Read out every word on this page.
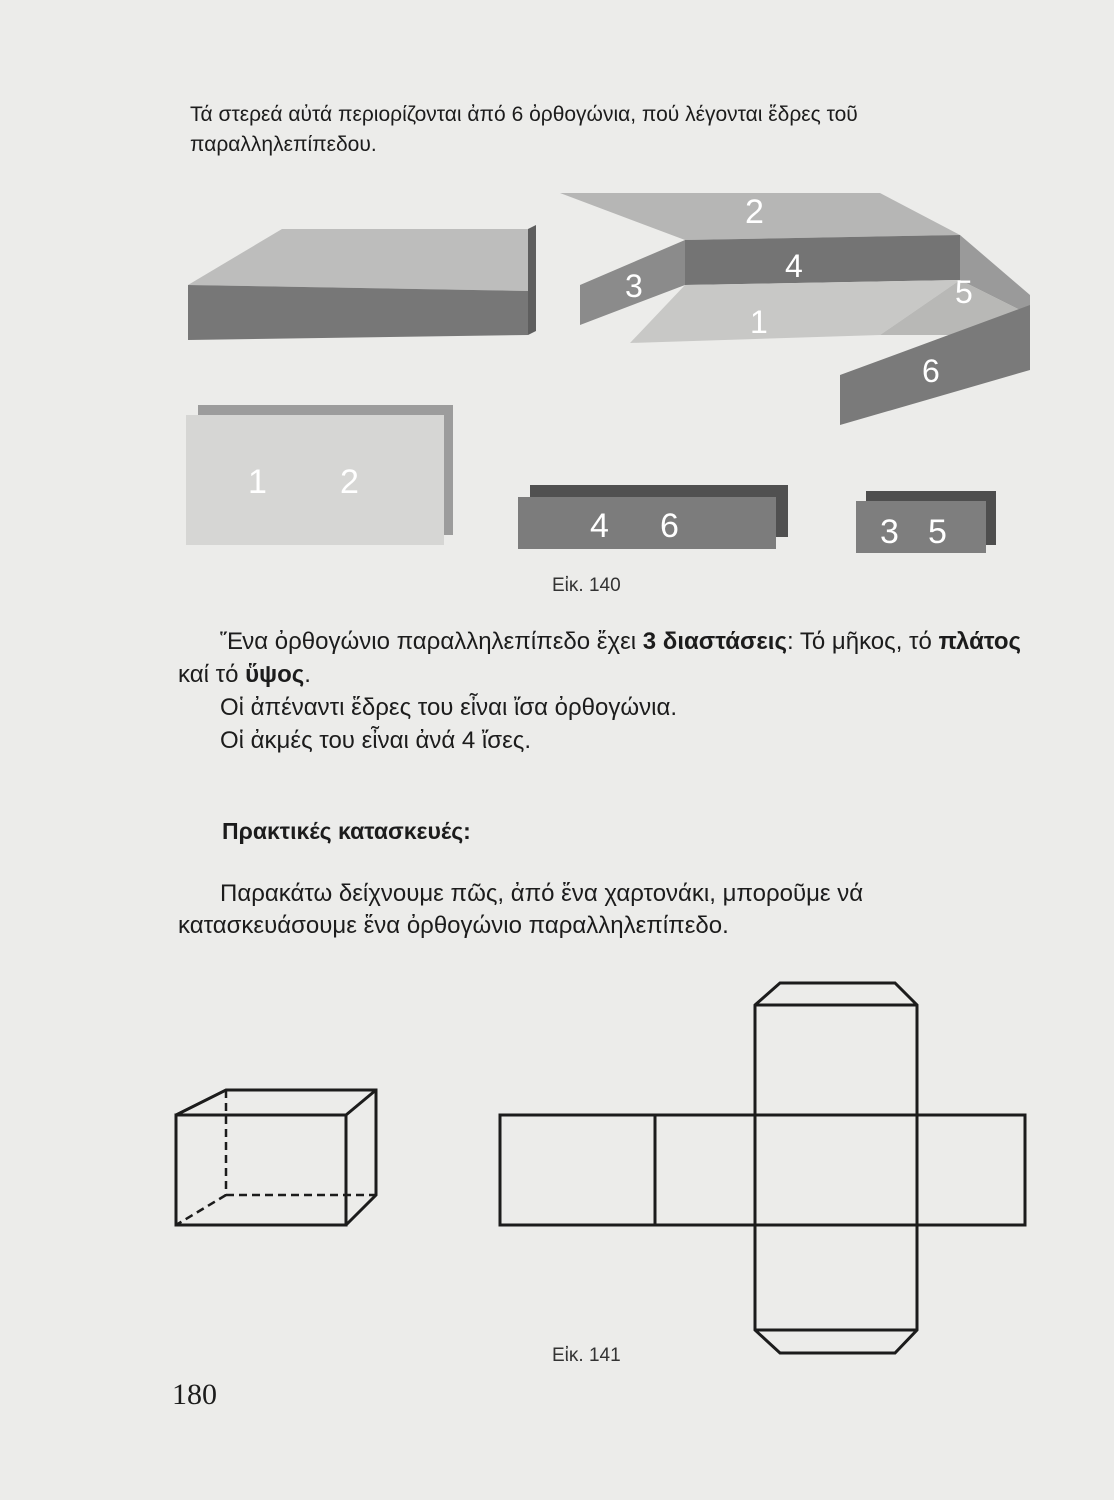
Τά στερεά αὐτά περιορίζονται ἀπό 6 ὀρθογώνια, πού λέγονται ἕδρες τοῦ παραλληλεπίπεδου.
2
4
3
1
5
6
1 2
4 6	3 5
Εἰκ. 140
Ἕνα ὀρθογώνιο παραλληλεπίπεδο ἔχει 3 διαστάσεις: Τό μῆκος, τό πλάτος καί τό ὕψος.
Οἱ ἀπέναντι ἕδρες του εἶναι ἴσα ὀρθογώνια.
Οἱ ἀκμές του εἶναι ἀνά 4 ἴσες.
Πρακτικές κατασκευές:
Παρακάτω δείχνουμε πῶς, ἀπό ἕνα χαρτονάκι, μποροῦμε νά κατασκευάσουμε ἕνα ὀρθογώνιο παραλληλεπίπεδο.
Εἰκ. 141
180
